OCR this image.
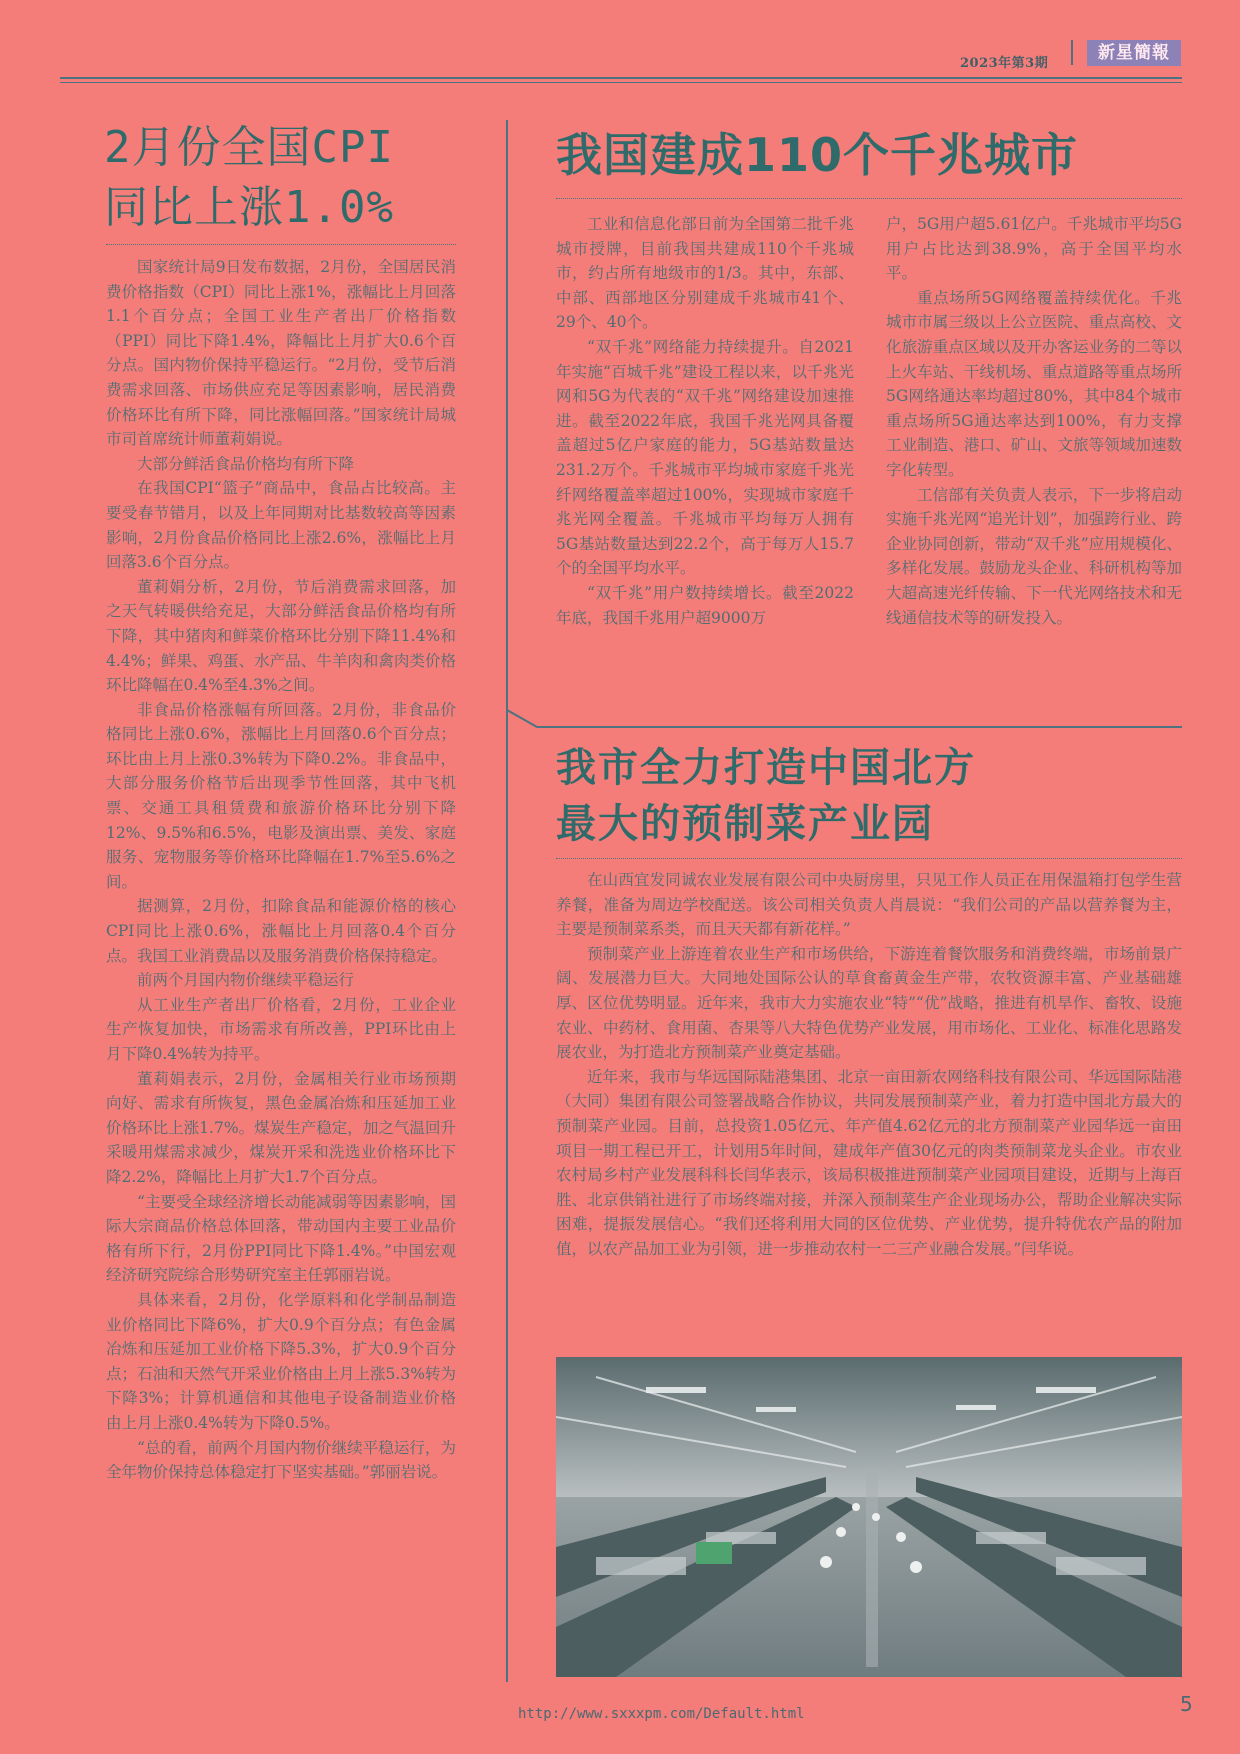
2023年第3期
新星簡報
2月份全国CPI
同比上涨1.0%

国家统计局9日发布数据，2月份，全国居民消费价格指数（CPI）同比上涨1%，涨幅比上月回落1.1个百分点；全国工业生产者出厂价格指数（PPI）同比下降1.4%，降幅比上月扩大0.6个百分点。国内物价保持平稳运行。“2月份，受节后消费需求回落、市场供应充足等因素影响，居民消费价格环比有所下降，同比涨幅回落。”国家统计局城市司首席统计师董莉娟说。

大部分鲜活食品价格均有所下降

在我国CPI“篮子”商品中，食品占比较高。主要受春节错月，以及上年同期对比基数较高等因素影响，2月份食品价格同比上涨2.6%，涨幅比上月回落3.6个百分点。

董莉娟分析，2月份，节后消费需求回落，加之天气转暖供给充足，大部分鲜活食品价格均有所下降，其中猪肉和鲜菜价格环比分别下降11.4%和4.4%；鲜果、鸡蛋、水产品、牛羊肉和禽肉类价格环比降幅在0.4%至4.3%之间。

非食品价格涨幅有所回落。2月份，非食品价格同比上涨0.6%，涨幅比上月回落0.6个百分点；环比由上月上涨0.3%转为下降0.2%。非食品中，大部分服务价格节后出现季节性回落，其中飞机票、交通工具租赁费和旅游价格环比分别下降12%、9.5%和6.5%，电影及演出票、美发、家庭服务、宠物服务等价格环比降幅在1.7%至5.6%之间。

据测算，2月份，扣除食品和能源价格的核心CPI同比上涨0.6%，涨幅比上月回落0.4个百分点。我国工业消费品以及服务消费价格保持稳定。

前两个月国内物价继续平稳运行

从工业生产者出厂价格看，2月份，工业企业生产恢复加快，市场需求有所改善，PPI环比由上月下降0.4%转为持平。

董莉娟表示，2月份，金属相关行业市场预期向好、需求有所恢复，黑色金属冶炼和压延加工业价格环比上涨1.7%。煤炭生产稳定，加之气温回升采暖用煤需求减少，煤炭开采和洗选业价格环比下降2.2%，降幅比上月扩大1.7个百分点。

“主要受全球经济增长动能减弱等因素影响，国际大宗商品价格总体回落，带动国内主要工业品价格有所下行，2月份PPI同比下降1.4%。”中国宏观经济研究院综合形势研究室主任郭丽岩说。

具体来看，2月份，化学原料和化学制品制造业价格同比下降6%，扩大0.9个百分点；有色金属冶炼和压延加工业价格下降5.3%，扩大0.9个百分点；石油和天然气开采业价格由上月上涨5.3%转为下降3%；计算机通信和其他电子设备制造业价格由上月上涨0.4%转为下降0.5%。

“总的看，前两个月国内物价继续平稳运行，为全年物价保持总体稳定打下坚实基础。”郭丽岩说。

我国建成110个千兆城市

工业和信息化部日前为全国第二批千兆城市授牌，目前我国共建成110个千兆城市，约占所有地级市的1/3。其中，东部、中部、西部地区分别建成千兆城市41个、29个、40个。

“双千兆”网络能力持续提升。自2021年实施“百城千兆”建设工程以来，以千兆光网和5G为代表的“双千兆”网络建设加速推进。截至2022年底，我国千兆光网具备覆盖超过5亿户家庭的能力，5G基站数量达231.2万个。千兆城市平均城市家庭千兆光纤网络覆盖率超过100%，实现城市家庭千兆光网全覆盖。千兆城市平均每万人拥有5G基站数量达到22.2个，高于每万人15.7个的全国平均水平。

“双千兆”用户数持续增长。截至2022年底，我国千兆用户超9000万

户，5G用户超5.61亿户。千兆城市平均5G用户占比达到38.9%，高于全国平均水平。

重点场所5G网络覆盖持续优化。千兆城市市属三级以上公立医院、重点高校、文化旅游重点区域以及开办客运业务的二等以上火车站、干线机场、重点道路等重点场所5G网络通达率均超过80%，其中84个城市重点场所5G通达率达到100%，有力支撑工业制造、港口、矿山、文旅等领域加速数字化转型。

工信部有关负责人表示，下一步将启动实施千兆光网“追光计划”，加强跨行业、跨企业协同创新，带动“双千兆”应用规模化、多样化发展。鼓励龙头企业、科研机构等加大超高速光纤传输、下一代光网络技术和无线通信技术等的研发投入。

我市全力打造中国北方
最大的预制菜产业园

在山西宜发同诚农业发展有限公司中央厨房里，只见工作人员正在用保温箱打包学生营养餐，准备为周边学校配送。该公司相关负责人肖晨说：“我们公司的产品以营养餐为主，主要是预制菜系类，而且天天都有新花样。”

预制菜产业上游连着农业生产和市场供给，下游连着餐饮服务和消费终端，市场前景广阔、发展潜力巨大。大同地处国际公认的草食畜黄金生产带，农牧资源丰富、产业基础雄厚、区位优势明显。近年来，我市大力实施农业“特”“优”战略，推进有机旱作、畜牧、设施农业、中药材、食用菌、杏果等八大特色优势产业发展，用市场化、工业化、标准化思路发展农业，为打造北方预制菜产业奠定基础。

近年来，我市与华远国际陆港集团、北京一亩田新农网络科技有限公司、华远国际陆港（大同）集团有限公司签署战略合作协议，共同发展预制菜产业，着力打造中国北方最大的预制菜产业园。目前，总投资1.05亿元、年产值4.62亿元的北方预制菜产业园华远一亩田项目一期工程已开工，计划用5年时间，建成年产值30亿元的肉类预制菜龙头企业。市农业农村局乡村产业发展科科长闫华表示，该局积极推进预制菜产业园项目建设，近期与上海百胜、北京供销社进行了市场终端对接，并深入预制菜生产企业现场办公，帮助企业解决实际困难，提振发展信心。“我们还将利用大同的区位优势、产业优势，提升特优农产品的附加值，以农产品加工业为引领，进一步推动农村一二三产业融合发展。”闫华说。

http://www.sxxxpm.com/Default.html	5
